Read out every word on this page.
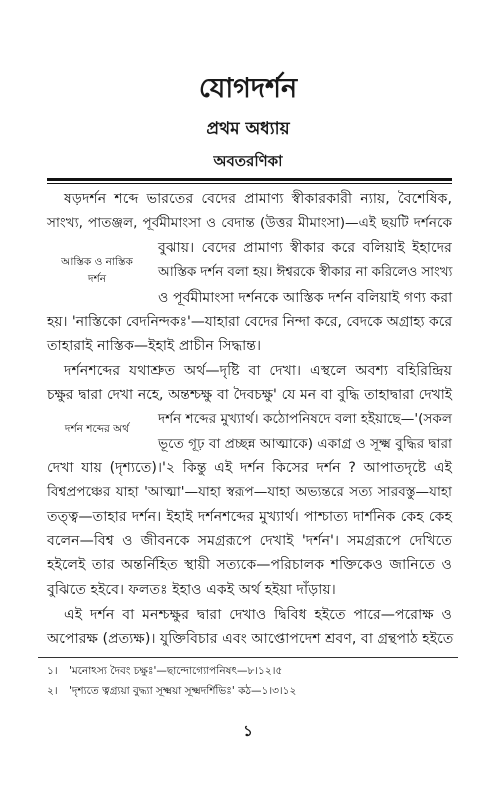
যোগদর্শন
প্রথম অধ্যায়
অবতরণিকা
ষড়দর্শন শব্দে ভারতের বেদের প্রামাণ্য স্বীকারকারী ন্যায়, বৈশেষিক,
সাংখ্য, পাতঞ্জল, পূর্বমীমাংসা ও বেদান্ত (উত্তর মীমাংসা)—এই ছয়টি দর্শনকে
বুঝায়। বেদের প্রামাণ্য স্বীকার করে বলিয়াই ইহাদের
আস্তিক দর্শন বলা হয়। ঈশ্বরকে স্বীকার না করিলেও সাংখ্য
ও পূর্বমীমাংসা দর্শনকে আস্তিক দর্শন বলিয়াই গণ্য করা
হয়। 'নাস্তিকো বেদনিন্দকঃ'—যাহারা বেদের নিন্দা করে, বেদকে অগ্রাহ্য করে
তাহারাই নাস্তিক—ইহাই প্রাচীন সিদ্ধান্ত।
আস্তিক ও নাস্তিক
দর্শন
দর্শনশব্দের যথাশ্রুত অর্থ—দৃষ্টি বা দেখা। এস্থলে অবশ্য বহিরিন্দ্রিয়
চক্ষুর দ্বারা দেখা নহে, অন্তশ্চক্ষু বা দৈবচক্ষু' যে মন বা বুদ্ধি তাহাদ্বারা দেখাই
দর্শন শব্দের মুখ্যার্থ। কঠোপনিষদে বলা হইয়াছে—'(সকল
ভূতে গূঢ় বা প্রচ্ছন্ন আত্মাকে) একাগ্র ও সূক্ষ্ম বুদ্ধির দ্বারা
দেখা যায় (দৃশ্যতে)।'২ কিন্তু এই দর্শন কিসের দর্শন ? আপাতদৃষ্টে এই
বিশ্বপ্রপঞ্চের যাহা 'আত্মা'—যাহা স্বরূপ—যাহা অভ্যন্তরে সত্য সারবস্তু—যাহা
তত্ত্ব—তাহার দর্শন। ইহাই দর্শনশব্দের মুখ্যার্থ। পাশ্চাত্য দার্শনিক কেহ কেহ
বলেন—বিশ্ব ও জীবনকে সমগ্ররূপে দেখাই 'দর্শন'। সমগ্ররূপে দেখিতে
হইলেই তার অন্তর্নিহিত স্থায়ী সত্যকে—পরিচালক শক্তিকেও জানিতে ও
বুঝিতে হইবে। ফলতঃ ইহাও একই অর্থ হইয়া দাঁড়ায়।
দর্শন শব্দের অর্থ
এই দর্শন বা মনশ্চক্ষুর দ্বারা দেখাও দ্বিবিধ হইতে পারে—পরোক্ষ ও
অপোরক্ষ (প্রত্যক্ষ)। যুক্তিবিচার এবং আপ্তোপদেশ শ্রবণ, বা গ্রন্থপাঠ হইতে
১। 'মনোঽস্য দৈবং চক্ষুঃ'—ছান্দোগ্যোপনিষৎ—৮।১২।৫
২। 'দৃশ্যতে ত্বগ্র্যয়া বুদ্ধ্যা সূক্ষ্ময়া সূক্ষ্মদর্শিভিঃ' কঠ—১।৩।১২
১
